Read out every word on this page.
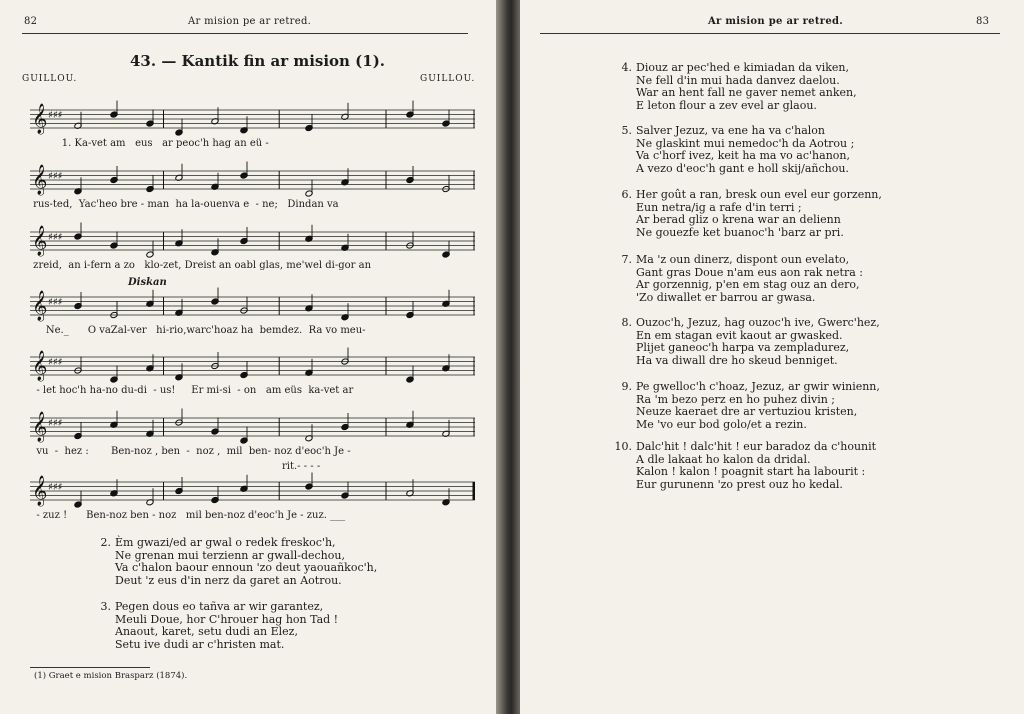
82	Ar mision pe ar retred.
43. — Kantik fin ar mision (1).
GUILLOU.	GUILLOU.
𝄞 ♯♯♯
1. Ka-vet am   eus   ar peoc'h hag an eü -
𝄞 ♯♯♯
rus-ted,  Yac'heo bre - man  ha la-ouenva e  - ne;   Dindan va
𝄞 ♯♯♯
zreid,  an i-fern a zo   klo-zet, Dreist an oabl glas, me'wel di-gor an
Diskan
𝄞 ♯♯♯
Ne._      O vaZal-ver   hi-rio,warc'hoaz ha  bemdez.  Ra vo meu-
𝄞 ♯♯♯
- let hoc'h ha-no du-di  - us!     Er mi-si  - on   am eüs  ka-vet ar
𝄞 ♯♯♯
vu  -  hez :       Ben-noz , ben  -  noz ,  mil  ben- noz d'eoc'h Je -
rit.- - - -
𝄞 ♯♯♯
- zuz !      Ben-noz ben - noz   mil ben-noz d'eoc'h Je - zuz. ___
2. Èm gwazi/ed ar gwal o redek freskoc'h,
Ne grenan mui terzienn ar gwall-dechou,
Va c'halon baour ennoun 'zo deut yaouañkoc'h,
Deut 'z eus d'in nerz da garet an Aotrou.
3. Pegen dous eo tañva ar wir garantez,
Meuli Doue, hor C'hrouer hag hon Tad !
Anaout, karet, setu dudi an Elez,
Setu ive dudi ar c'hristen mat.
(1) Graet e mision Brasparz (1874).
Ar mision pe ar retred.	83
4. Diouz ar pec'hed e kimiadan da viken,
Ne fell d'in mui hada danvez daelou.
War an hent fall ne gaver nemet anken,
E leton flour a zev evel ar glaou.
5. Salver Jezuz, va ene ha va c'halon
Ne glaskint mui nemedoc'h da Aotrou ;
Va c'horf ivez, keit ha ma vo ac'hanon,
A vezo d'eoc'h gant e holl skij/añchou.
6. Her goût a ran, bresk oun evel eur gorzenn,
Eun netra/ig a rafe d'in terri ;
Ar berad gliz o krena war an delienn
Ne gouezfe ket buanoc'h 'barz ar pri.
7. Ma 'z oun dinerz, dispont oun evelato,
Gant gras Doue n'am eus aon rak netra :
Ar gorzennig, p'en em stag ouz an dero,
'Zo diwallet er barrou ar gwasa.
8. Ouzoc'h, Jezuz, hag ouzoc'h ive, Gwerc'hez,
En em stagan evit kaout ar gwasked.
Plijet ganeoc'h harpa va zempladurez,
Ha va diwall dre ho skeud benniget.
9. Pe gwelloc'h c'hoaz, Jezuz, ar gwir winienn,
Ra 'm bezo perz en ho puhez divin ;
Neuze kaeraet dre ar vertuziou kristen,
Me 'vo eur bod golo/et a rezin.
10. Dalc'hit ! dalc'hit ! eur baradoz da c'hounit
A dle lakaat ho kalon da dridal.
Kalon ! kalon ! poagnit start ha labourit :
Eur gurunenn 'zo prest ouz ho kedal.
